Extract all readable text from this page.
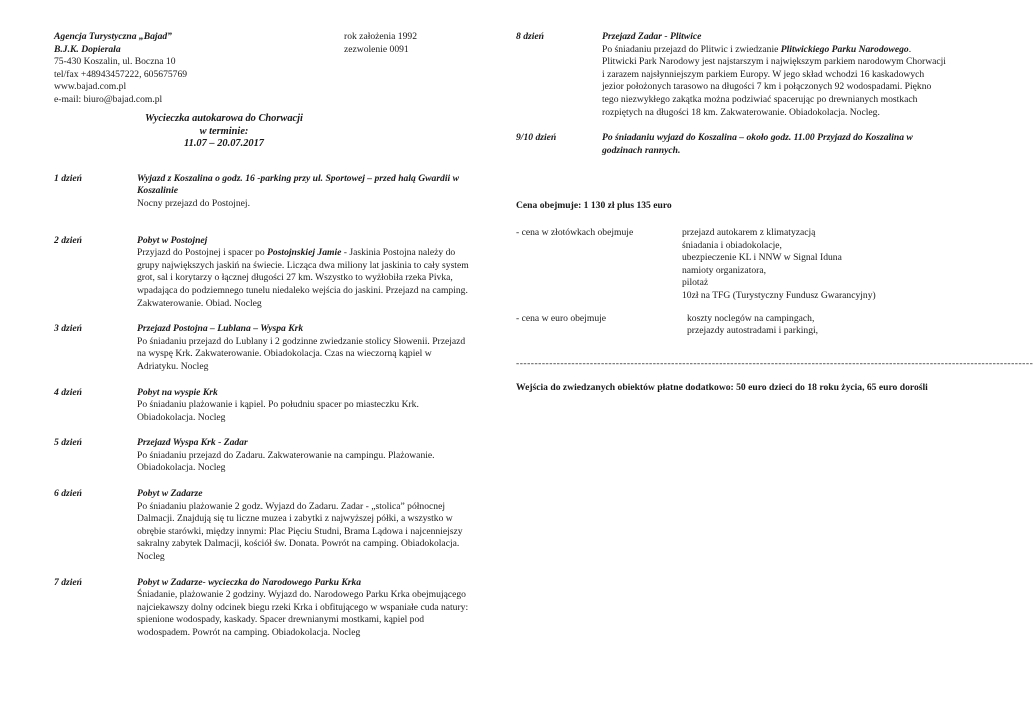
Agencja Turystyczna „Bajad”
B.J.K. Dopierala
75-430 Koszalin, ul. Boczna 10
tel/fax +48943457222, 605675769
www.bajad.com.pl
e-mail: biuro@bajad.com.pl
rok założenia 1992
zezwolenie 0091
Wycieczka autokarowa do Chorwacji
w terminie:
11.07 – 20.07.2017
1 dzień	Wyjazd z Koszalina o godz. 16 -parking przy ul. Sportowej – przed halą Gwardii w Koszalinie
Nocny przejazd do Postojnej.
2 dzień	Pobyt w Postojnej
Przyjazd do Postojnej i spacer po Postojnskiej Jamie - Jaskinia Postojna należy do grupy największych jaskiń na świecie. Licząca dwa miliony lat jaskinia to cały system grot, sal i korytarzy o łącznej długości 27 km. Wszystko to wyżłobiła rzeka Pivka, wpadająca do podziemnego tunelu niedaleko wejścia do jaskini. Przejazd na camping. Zakwaterowanie. Obiad. Nocleg
3 dzień	Przejazd Postojna – Lublana – Wyspa Krk
Po śniadaniu przejazd do Lublany i 2 godzinne zwiedzanie stolicy Słowenii. Przejazd na wyspę Krk. Zakwaterowanie. Obiadokolacja. Czas na wieczorną kąpiel w Adriatyku. Nocleg
4 dzień	Pobyt na wyspie Krk
Po śniadaniu plażowanie i kąpiel. Po południu spacer po miasteczku Krk. Obiadokolacja. Nocleg
5 dzień	Przejazd Wyspa Krk - Zadar
Po śniadaniu przejazd do Zadaru. Zakwaterowanie na campingu. Plażowanie. Obiadokolacja. Nocleg
6 dzień	Pobyt w Zadarze
Po śniadaniu plażowanie 2 godz. Wyjazd do Zadaru. Zadar - „stolica” północnej Dalmacji. Znajdują się tu liczne muzea i zabytki z najwyższej półki, a wszystko w obrębie starówki, między innymi: Plac Pięciu Studni, Brama Lądowa i najcenniejszy sakralny zabytek Dalmacji, kościół św. Donata. Powrót na camping. Obiadokolacja. Nocleg
7 dzień	Pobyt w Zadarze- wycieczka do Narodowego Parku Krka
Śniadanie, plażowanie 2 godziny. Wyjazd do. Narodowego Parku Krka obejmującego najciekawszy dolny odcinek biegu rzeki Krka i obfitującego w wspaniałe cuda natury: spienione wodospady, kaskady. Spacer drewnianymi mostkami, kąpiel pod wodospadem. Powrót na camping. Obiadokolacja. Nocleg
8 dzień	Przejazd Zadar - Plitwice
Po śniadaniu przejazd do Plitwic i zwiedzanie Plitwickiego Parku Narodowego. Plitwicki Park Narodowy jest najstarszym i największym parkiem narodowym Chorwacji i zarazem najsłynniejszym parkiem Europy. W jego skład wchodzi 16 kaskadowych jezior położonych tarasowo na długości 7 km i połączonych 92 wodospadami. Piękno tego niezwykłego zakątka można podziwiać spacerując po drewnianych mostkach rozpiętych na długości 18 km. Zakwaterowanie. Obiadokolacja. Nocleg.
9/10 dzień	Po śniadaniu wyjazd do Koszalina – około godz. 11.00 Przyjazd do Koszalina w godzinach rannych.
Cena obejmuje: 1 130 zł plus 135 euro
- cena w złotówkach obejmuje	przejazd autokarem z klimatyzacją
śniadania i obiadokolacje,
ubezpieczenie KL i NNW w Signal Iduna
namioty organizatora,
pilotaż
10zł na TFG (Turystyczny Fundusz Gwarancyjny)
- cena w euro obejmuje	koszty noclegów na campingach,
przejazdy autostradami i parkingi,
--------------------------------------------------------------------------------------------------------------------------------------------
Wejścia do zwiedzanych obiektów płatne dodatkowo: 50 euro dzieci do 18 roku życia, 65 euro dorośli
